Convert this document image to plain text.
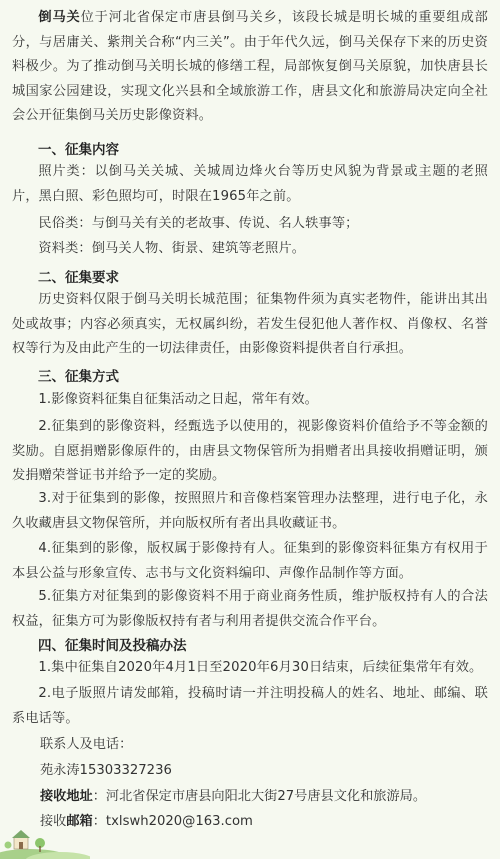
倒马关位于河北省保定市唐县倒马关乡，该段长城是明长城的重要组成部分，与居庸关、紫荆关合称“内三关”。由于年代久远，倒马关保存下来的历史资料极少。为了推动倒马关明长城的修缮工程，局部恢复倒马关原貌，加快唐县长城国家公园建设，实现文化兴县和全域旅游工作，唐县文化和旅游局决定向全社会公开征集倒马关历史影像资料。
一、征集内容
照片类：以倒马关关城、关城周边烽火台等历史风貌为背景或主题的老照片，黑白照、彩色照均可，时限在1965年之前。
民俗类：与倒马关有关的老故事、传说、名人轶事等；
资料类：倒马关人物、街景、建筑等老照片。
二、征集要求
历史资料仅限于倒马关明长城范围；征集物件须为真实老物件，能讲出其出处或故事；内容必须真实，无权属纠纷，若发生侵犯他人著作权、肖像权、名誉权等行为及由此产生的一切法律责任，由影像资料提供者自行承担。
三、征集方式
1.影像资料征集自征集活动之日起，常年有效。
2.征集到的影像资料，经甄选予以使用的，视影像资料价值给予不等金额的奖励。自愿捐赠影像原件的，由唐县文物保管所为捐赠者出具接收捐赠证明，颁发捐赠荣誉证书并给予一定的奖励。
3.对于征集到的影像，按照照片和音像档案管理办法整理，进行电子化，永久收藏唐县文物保管所，并向版权所有者出具收藏证书。
4.征集到的影像，版权属于影像持有人。征集到的影像资料征集方有权用于本县公益与形象宣传、志书与文化资料编印、声像作品制作等方面。
5.征集方对征集到的影像资料不用于商业商务性质，维护版权持有人的合法权益，征集方可为影像版权持有者与利用者提供交流合作平台。
四、征集时间及投稿办法
1.集中征集自2020年4月1日至2020年6月30日结束，后续征集常年有效。
2.电子版照片请发邮箱，投稿时请一并注明投稿人的姓名、地址、邮编、联系电话等。
联系人及电话：
苑永涛15303327236
接收地址：河北省保定市唐县向阳北大街27号唐县文化和旅游局。
接收邮箱：txlswh2020@163.com
